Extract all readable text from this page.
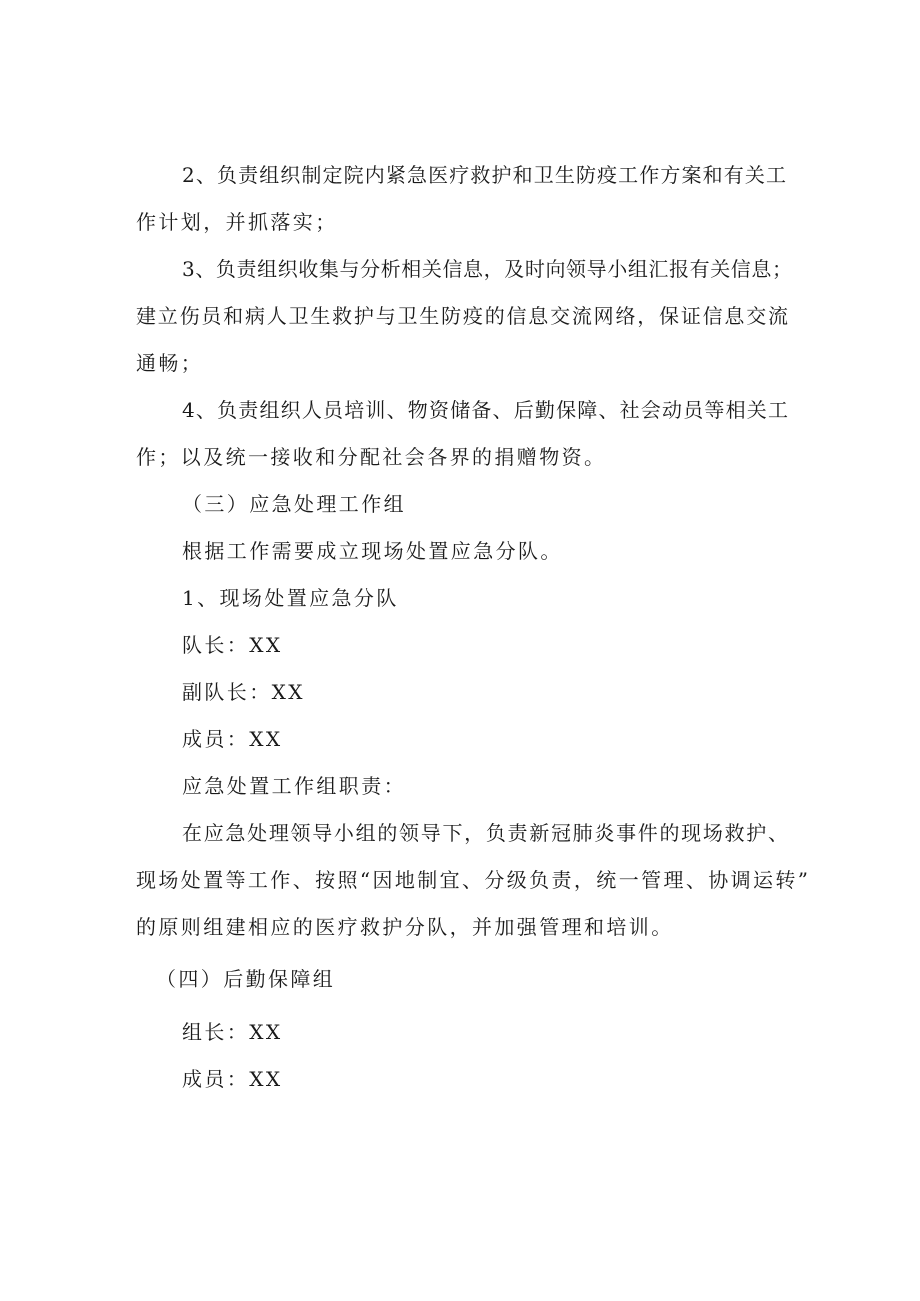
2、负责组织制定院内紧急医疗救护和卫生防疫工作方案和有关工
作计划，并抓落实；
3、负责组织收集与分析相关信息，及时向领导小组汇报有关信息；
建立伤员和病人卫生救护与卫生防疫的信息交流网络，保证信息交流
通畅；
4、负责组织人员培训、物资储备、后勤保障、社会动员等相关工
作；以及统一接收和分配社会各界的捐赠物资。
（三）应急处理工作组
根据工作需要成立现场处置应急分队。
1、现场处置应急分队
队长：XX
副队长：XX
成员：XX
应急处置工作组职责：
在应急处理领导小组的领导下，负责新冠肺炎事件的现场救护、
现场处置等工作、按照“因地制宜、分级负责，统一管理、协调运转”
的原则组建相应的医疗救护分队，并加强管理和培训。
（四）后勤保障组
组长：XX
成员：XX
